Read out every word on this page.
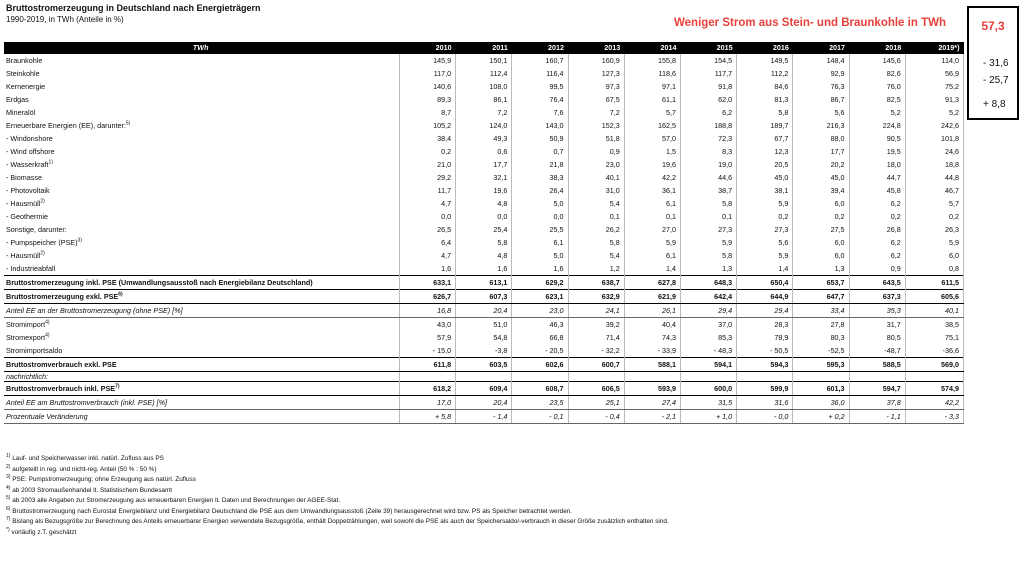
Bruttostromerzeugung in Deutschland nach Energieträgern
1990-2019, in TWh (Anteile in %)	Weniger Strom aus Stein- und Braunkohle in TWh	57,3
- 31,6
- 25,7
+ 8,8
TWh	2010	2011	2012	2013	2014	2015	2016	2017	2018	2019*)
Braunkohle	145,9	150,1	160,7	160,9	155,8	154,5	149,5	148,4	145,6	114,0
Steinkohle	117,0	112,4	116,4	127,3	118,6	117,7	112,2	92,9	82,6	56,9
Kernenergie	140,6	108,0	99,5	97,3	97,1	91,8	84,6	76,3	76,0	75,2
Erdgas	89,3	86,1	76,4	67,5	61,1	62,0	81,3	86,7	82,5	91,3
Mineralöl	8,7	7,2	7,6	7,2	5,7	6,2	5,8	5,6	5,2	5,2
Erneuerbare Energien (EE), darunter:$^{5)}$	105,2	124,0	143,0	152,3	162,5	188,8	189,7	216,3	224,8	242,6
- Windonshore	38,4	49,3	50,9	51,8	57,0	72,3	67,7	88,0	90,5	101,8
- Wind offshore	0,2	0,6	0,7	0,9	1,5	8,3	12,3	17,7	19,5	24,6
- Wasserkraft$^{1)}$	21,0	17,7	21,8	23,0	19,6	19,0	20,5	20,2	18,0	18,8
- Biomasse	29,2	32,1	38,3	40,1	42,2	44,6	45,0	45,0	44,7	44,8
- Photovoltaik	11,7	19,6	26,4	31,0	36,1	38,7	38,1	39,4	45,8	46,7
- Hausmüll$^{2)}$	4,7	4,8	5,0	5,4	6,1	5,8	5,9	6,0	6,2	5,7
- Geothermie	0,0	0,0	0,0	0,1	0,1	0,1	0,2	0,2	0,2	0,2
Sonstige, darunter:	26,5	25,4	25,5	26,2	27,0	27,3	27,3	27,5	26,8	26,3
- Pumpspeicher (PSE)$^{3)}$	6,4	5,8	6,1	5,8	5,9	5,9	5,6	6,0	6,2	5,9
- Hausmüll$^{2)}$	4,7	4,8	5,0	5,4	6,1	5,8	5,9	6,0	6,2	6,0
- Industrieabfall	1,6	1,6	1,6	1,2	1,4	1,3	1,4	1,3	0,9	0,8
Bruttostromerzeugung inkl. PSE (Umwandlungsausstoß nach Energiebilanz Deutschland)	633,1	613,1	629,2	638,7	627,8	648,3	650,4	653,7	643,5	611,5
Bruttostromerzeugung exkl. PSE$^{6)}$	626,7	607,3	623,1	632,9	621,9	642,4	644,9	647,7	637,3	605,6
Anteil EE an der Bruttostromerzeugung (ohne PSE) [%]	16,8	20,4	23,0	24,1	26,1	29,4	29,4	33,4	35,3	40,1
Stromimport$^{4)}$	43,0	51,0	46,3	39,2	40,4	37,0	28,3	27,8	31,7	38,5
Stromexport$^{4)}$	57,9	54,8	66,8	71,4	74,3	85,3	78,9	80,3	80,5	75,1
Stromimportsaldo	- 15,0	-3,8	- 20,5	- 32,2	- 33,9	- 48,3	- 50,5	-52,5	-48,7	-36,6
Bruttostromverbrauch exkl. PSE	611,8	603,5	602,6	600,7	588,1	594,1	594,3	595,3	588,5	569,0
nachrichtlich:										
Bruttostromverbrauch inkl. PSE$^{7)}$	618,2	609,4	608,7	606,5	593,9	600,0	599,9	601,3	594,7	574,9
Anteil EE am Bruttostromverbrauch (inkl. PSE) [%]	17,0	20,4	23,5	25,1	27,4	31,5	31,6	36,0	37,8	42,2
Prozentuale Veränderung	+ 5,8	- 1,4	- 0,1	- 0,4	- 2,1	+ 1,0	- 0,0	+ 0,2	- 1,1	- 3,3
$^{1)}$ Lauf- und Speicherwasser inkl. natürl. Zufluss aus PS
$^{2)}$ aufgeteilt in reg. und nicht-reg. Anteil (50 % : 50 %)
$^{3)}$ PSE: Pumpstromerzeugung; ohne Erzeugung aus natürl. Zufluss
$^{4)}$ ab 2003 Stromaußenhandel lt. Statistischem Bundesamt
$^{5)}$ ab 2003 alle Angaben zur Stromerzeugung aus erneuerbaren Energien lt. Daten und Berechnungen der AGEE-Stat.
$^{6)}$ Bruttostromerzeugung nach Eurostat Energiebilanz und Energiebilanz Deutschland die PSE aus dem Umwandlungsausstoß (Zeile 39) herausgerechnet wird bzw. PS als Speicher betrachtet werden.
$^{7)}$ Bislang als Bezugsgröße zur Berechnung des Anteils erneuerbarer Energien verwendete Bezugsgröße, enthält Doppelzählungen, weil sowohl die PSE als auch der Speichersaldo/-verbrauch in dieser Größe zusätzlich enthalten sind.
*) vorläufig z.T. geschätzt
